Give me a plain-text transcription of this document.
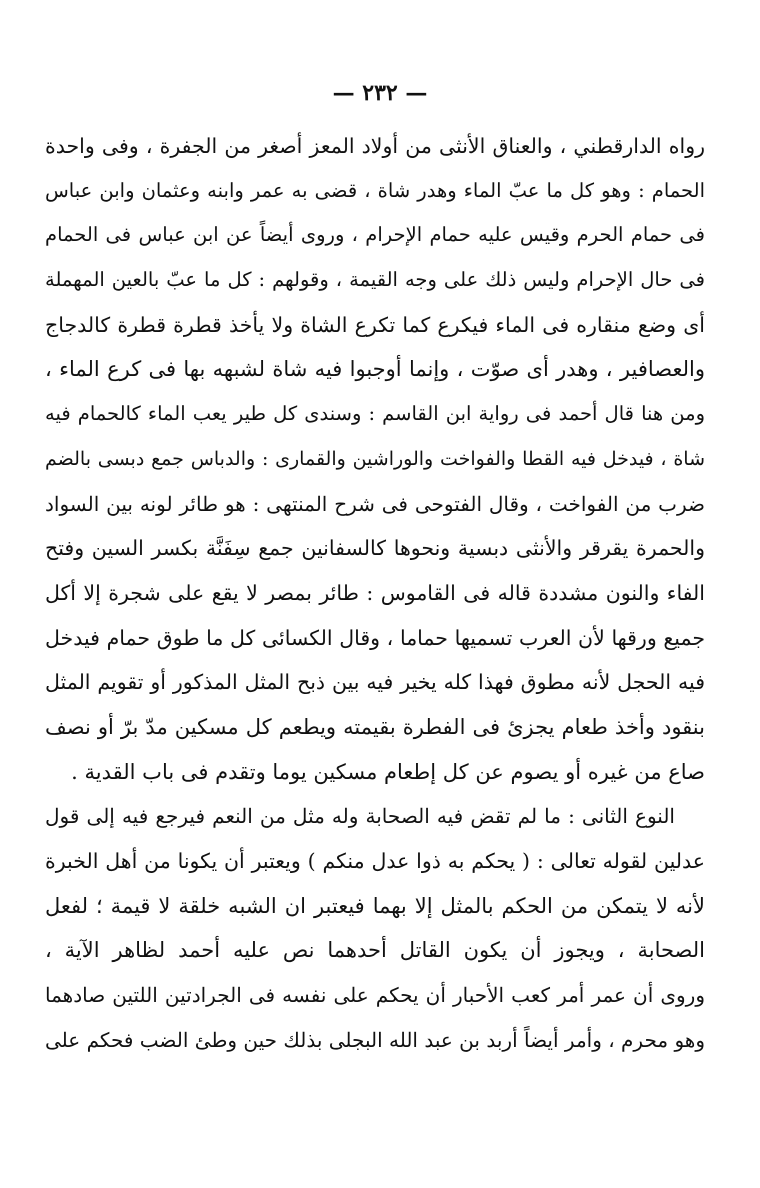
— ٢٣٢ —
رواه الدارقطني ، والعناق الأنثى من أولاد المعز أصغر من الجفرة ، وفى واحدة
الحمام : وهو كل ما عبّ الماء وهدر شاة ، قضى به عمر وابنه وعثمان وابن عباس
فى حمام الحرم وقيس عليه حمام الإحرام ، وروى أيضاً عن ابن عباس فى الحمام
فى حال الإحرام وليس ذلك على وجه القيمة ، وقولهم : كل ما عبّ بالعين المهملة
أى وضع منقاره فى الماء فيكرع كما تكرع الشاة ولا يأخذ قطرة قطرة كالدجاج
والعصافير ، وهدر أى صوّت ، وإنما أوجبوا فيه شاة لشبهه بها فى كرع الماء ،
ومن هنا قال أحمد فى رواية ابن القاسم : وسندى كل طير يعب الماء كالحمام فيه
شاة ، فيدخل فيه القطا والفواخت والوراشين والقمارى : والدباس جمع دبسى بالضم
ضرب من الفواخت ، وقال الفتوحى فى شرح المنتهى : هو طائر لونه بين السواد
والحمرة يقرقر والأنثى دبسية ونحوها كالسفانين جمع سِفَنَّة بكسر السين وفتح
الفاء والنون مشددة قاله فى القاموس : طائر بمصر لا يقع على شجرة إلا أكل
جميع ورقها لأن العرب تسميها حماما ، وقال الكسائى كل ما طوق حمام فيدخل
فيه الحجل لأنه مطوق فهذا كله يخير فيه بين ذبح المثل المذكور أو تقويم المثل
بنقود وأخذ طعام يجزئ فى الفطرة بقيمته ويطعم كل مسكين مدّ برّ أو نصف
صاع من غيره أو يصوم عن كل إطعام مسكين يوما وتقدم فى باب القدية .
النوع الثانى : ما لم تقض فيه الصحابة وله مثل من النعم فيرجع فيه إلى قول
عدلين لقوله تعالى : ( يحكم به ذوا عدل منكم ) ويعتبر أن يكونا من أهل الخبرة
لأنه لا يتمكن من الحكم بالمثل إلا بهما فيعتبر ان الشبه خلقة لا قيمة ؛ لفعل
الصحابة ، ويجوز أن يكون القاتل أحدهما نص عليه أحمد لظاهر الآية ،
وروى أن عمر أمر كعب الأحبار أن يحكم على نفسه فى الجرادتين اللتين صادهما
وهو محرم ، وأمر أيضاً أربد بن عبد الله البجلى بذلك حين وطئ الضب فحكم على
